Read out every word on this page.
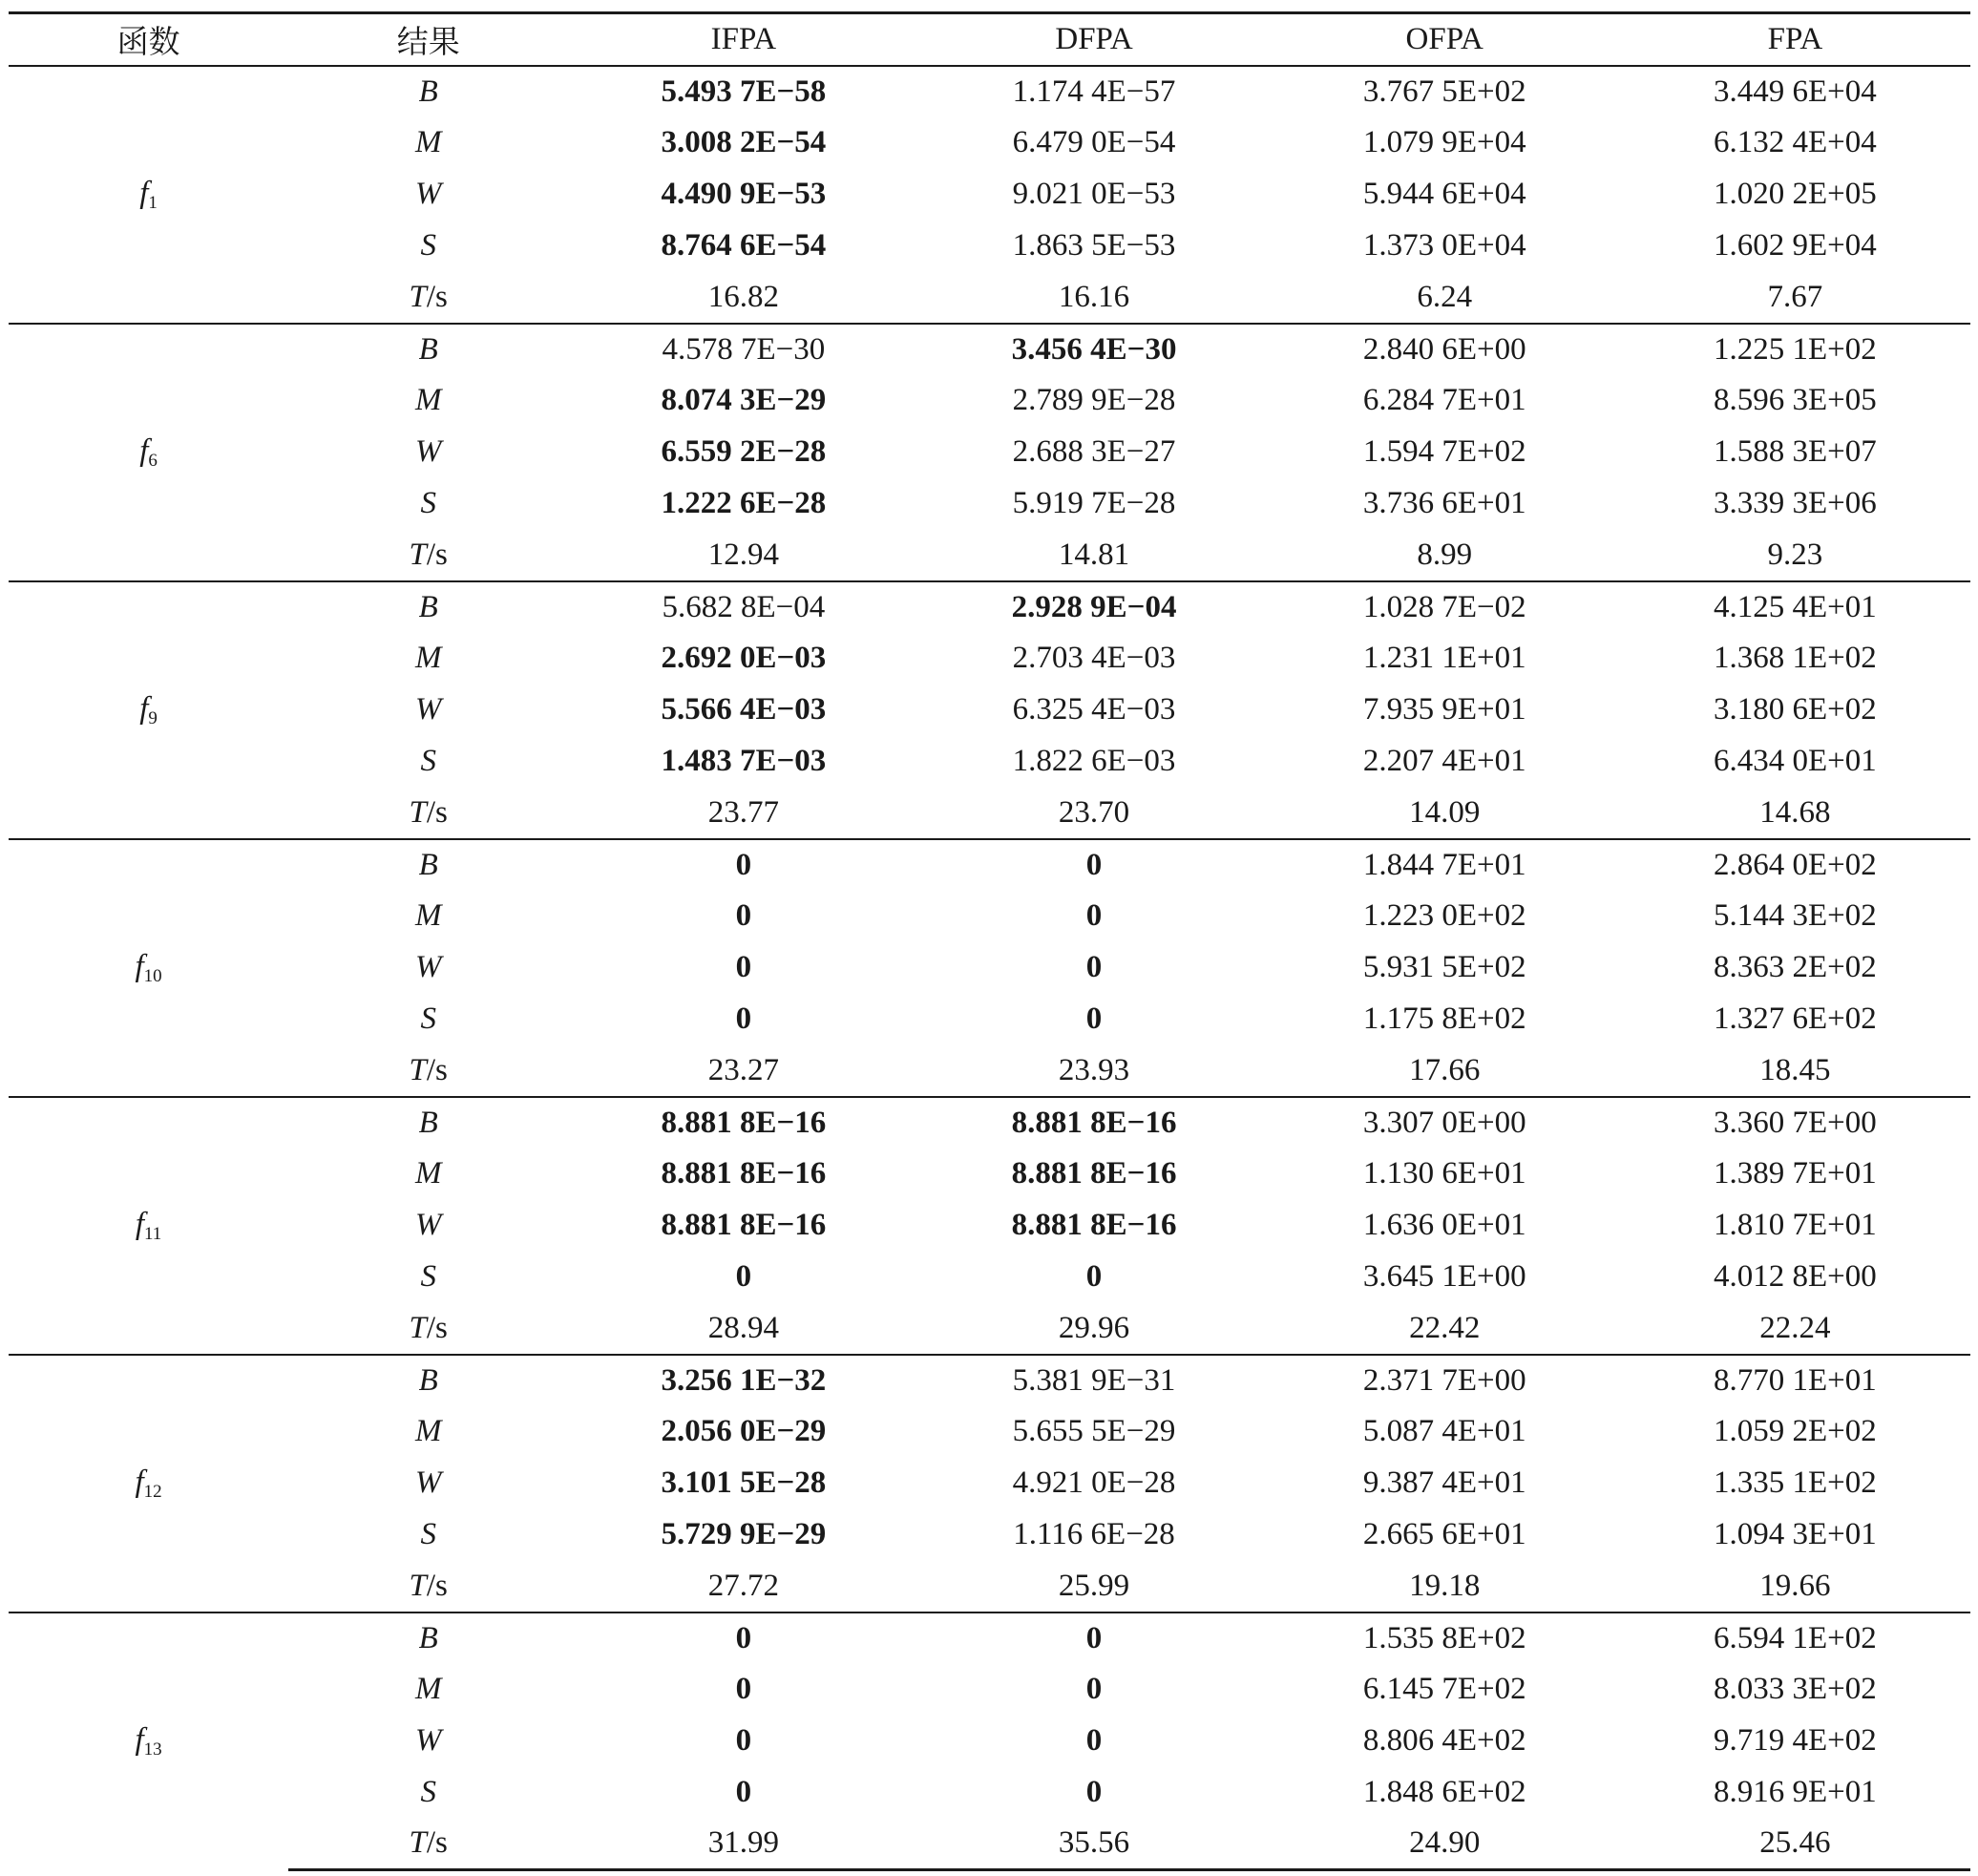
函数	结果	IFPA	DFPA	OFPA	FPA
$f_1$	B	5.493 7E−58	1.174 4E−57	3.767 5E+02	3.449 6E+04
	M	3.008 2E−54	6.479 0E−54	1.079 9E+04	6.132 4E+04
	W	4.490 9E−53	9.021 0E−53	5.944 6E+04	1.020 2E+05
	S	8.764 6E−54	1.863 5E−53	1.373 0E+04	1.602 9E+04
	T/s	16.82	16.16	6.24	7.67
$f_6$	B	4.578 7E−30	3.456 4E−30	2.840 6E+00	1.225 1E+02
	M	8.074 3E−29	2.789 9E−28	6.284 7E+01	8.596 3E+05
	W	6.559 2E−28	2.688 3E−27	1.594 7E+02	1.588 3E+07
	S	1.222 6E−28	5.919 7E−28	3.736 6E+01	3.339 3E+06
	T/s	12.94	14.81	8.99	9.23
$f_9$	B	5.682 8E−04	2.928 9E−04	1.028 7E−02	4.125 4E+01
	M	2.692 0E−03	2.703 4E−03	1.231 1E+01	1.368 1E+02
	W	5.566 4E−03	6.325 4E−03	7.935 9E+01	3.180 6E+02
	S	1.483 7E−03	1.822 6E−03	2.207 4E+01	6.434 0E+01
	T/s	23.77	23.70	14.09	14.68
$f_{10}$	B	0	0	1.844 7E+01	2.864 0E+02
	M	0	0	1.223 0E+02	5.144 3E+02
	W	0	0	5.931 5E+02	8.363 2E+02
	S	0	0	1.175 8E+02	1.327 6E+02
	T/s	23.27	23.93	17.66	18.45
$f_{11}$	B	8.881 8E−16	8.881 8E−16	3.307 0E+00	3.360 7E+00
	M	8.881 8E−16	8.881 8E−16	1.130 6E+01	1.389 7E+01
	W	8.881 8E−16	8.881 8E−16	1.636 0E+01	1.810 7E+01
	S	0	0	3.645 1E+00	4.012 8E+00
	T/s	28.94	29.96	22.42	22.24
$f_{12}$	B	3.256 1E−32	5.381 9E−31	2.371 7E+00	8.770 1E+01
	M	2.056 0E−29	5.655 5E−29	5.087 4E+01	1.059 2E+02
	W	3.101 5E−28	4.921 0E−28	9.387 4E+01	1.335 1E+02
	S	5.729 9E−29	1.116 6E−28	2.665 6E+01	1.094 3E+01
	T/s	27.72	25.99	19.18	19.66
$f_{13}$	B	0	0	1.535 8E+02	6.594 1E+02
	M	0	0	6.145 7E+02	8.033 3E+02
	W	0	0	8.806 4E+02	9.719 4E+02
	S	0	0	1.848 6E+02	8.916 9E+01
	T/s	31.99	35.56	24.90	25.46
